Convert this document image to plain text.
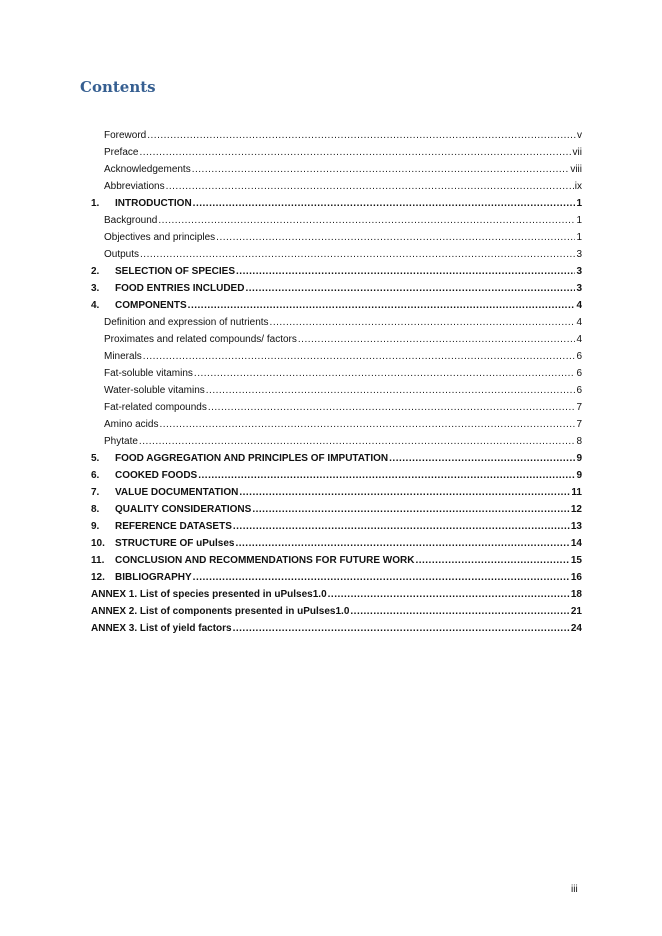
Contents
Foreword .....	v
Preface .....	vii
Acknowledgements .....	viii
Abbreviations .....	ix
1.	INTRODUCTION .....	1
Background .....	1
Objectives and principles .....	1
Outputs .....	3
2.	SELECTION OF SPECIES .....	3
3.	FOOD ENTRIES INCLUDED .....	3
4.	COMPONENTS .....	4
Definition and expression of nutrients .....	4
Proximates and related compounds/ factors .....	4
Minerals .....	6
Fat-soluble vitamins .....	6
Water-soluble vitamins .....	6
Fat-related compounds .....	7
Amino acids .....	7
Phytate .....	8
5.	FOOD AGGREGATION AND PRINCIPLES OF IMPUTATION .....	9
6.	COOKED FOODS .....	9
7.	VALUE DOCUMENTATION .....	11
8.	QUALITY CONSIDERATIONS .....	12
9.	REFERENCE DATASETS .....	13
10.	STRUCTURE OF uPulses .....	14
11.	CONCLUSION AND RECOMMENDATIONS FOR FUTURE WORK .....	15
12.	BIBLIOGRAPHY .....	16
ANNEX 1. List of species presented in uPulses1.0 .....	18
ANNEX 2. List of components presented in uPulses1.0 .....	21
ANNEX 3. List of yield factors .....	24
iii
